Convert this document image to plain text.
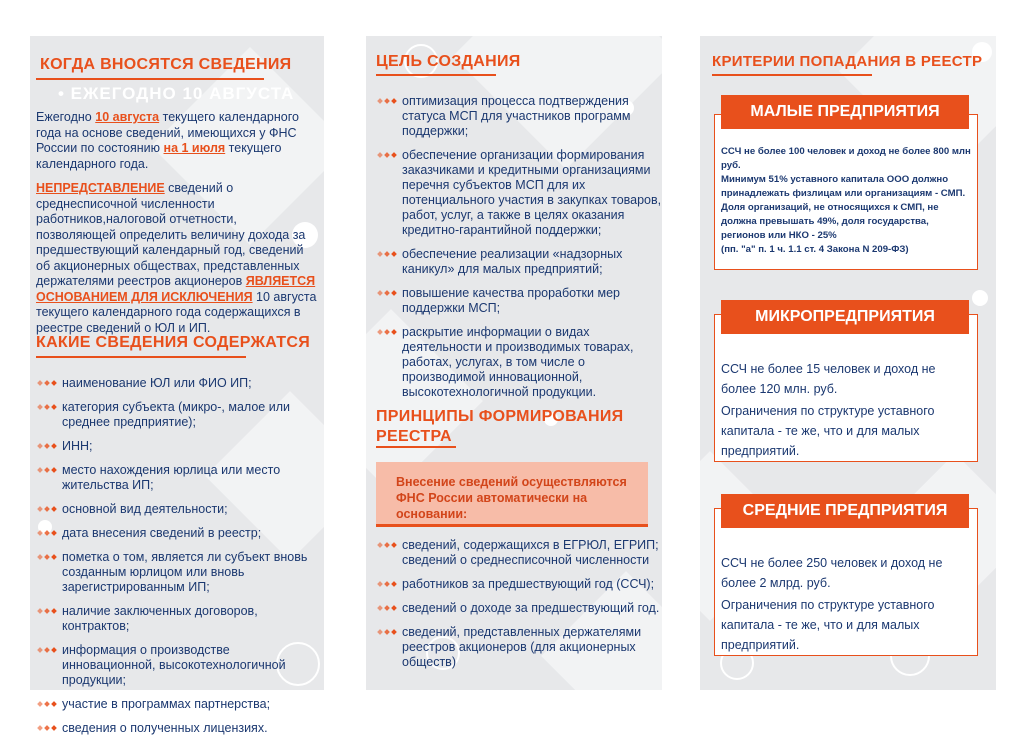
КОГДА ВНОСЯТСЯ СВЕДЕНИЯ
• ЕЖЕГОДНО 10 АВГУСТА

Ежегодно 10 августа текущего календарного года на основе сведений, имеющихся у ФНС России по состоянию на 1 июля текущего календарного года.

НЕПРЕДСТАВЛЕНИЕ сведений о среднесписочной численности работников,налоговой отчетности, позволяющей определить величину дохода за предшествующий календарный год, сведений об акционерных обществах, представленных держателями реестров акционеров ЯВЛЯЕТСЯ ОСНОВАНИЕМ ДЛЯ ИСКЛЮЧЕНИЯ 10 августа текущего календарного года содержащихся в реестре сведений о ЮЛ и ИП.

КАКИЕ СВЕДЕНИЯ СОДЕРЖАТСЯ
наименование ЮЛ или ФИО ИП;
категория субъекта (микро-, малое или среднее предприятие);
ИНН;
место нахождения юрлица или место жительства ИП;
основной вид деятельности;
дата внесения сведений в реестр;
пометка о том, является ли субъект вновь созданным юрлицом или вновь зарегистрированным ИП;
наличие заключенных договоров, контрактов;
информация о производстве инновационной, высокотехнологичной продукции;
участие в программах партнерства;
сведения о полученных лицензиях.
ЦЕЛЬ СОЗДАНИЯ
оптимизация процесса подтверждения статуса МСП для участников программ поддержки;
обеспечение организации формирования заказчиками и кредитными организациями перечня субъектов МСП для их потенциального участия в закупках товаров, работ, услуг, а также в целях оказания кредитно-гарантийной поддержки;
обеспечение реализации «надзорных каникул» для малых предприятий;
повышение качества проработки мер поддержки МСП;
раскрытие информации о видах деятельности и производимых товарах, работах, услугах, в том числе о производимой инновационной, высокотехнологичной продукции.
ПРИНЦИПЫ ФОРМИРОВАНИЯ РЕЕСТРА

Внесение сведений осуществляются ФНС России автоматически на основании:

сведений, содержащихся в ЕГРЮЛ, ЕГРИП; сведений о среднесписочной численности
работников за предшествующий год (ССЧ);
сведений о доходе за предшествующий год.
сведений, представленных держателями реестров акционеров (для акционерных обществ)
КРИТЕРИИ ПОПАДАНИЯ В РЕЕСТР

ССЧ не более 100 человек и доход не более 800 млн руб.
Минимум 51% уставного капитала ООО должно принадлежать физлицам или организациям - СМП.
Доля организаций, не относящихся к СМП, не должна превышать 49%, доля государства, регионов или НКО - 25%
(пп. "а" п. 1 ч. 1.1 ст. 4 Закона N 209-ФЗ)

МАЛЫЕ ПРЕДПРИЯТИЯ

ССЧ не более 15 человек и доход не более 120 млн. руб.

Ограничения по структуре уставного капитала - те же, что и для малых предприятий.

МИКРОПРЕДПРИЯТИЯ

ССЧ не более 250 человек и доход не более 2 млрд. руб.

Ограничения по структуре уставного капитала - те же, что и для малых предприятий.

СРЕДНИЕ ПРЕДПРИЯТИЯ
